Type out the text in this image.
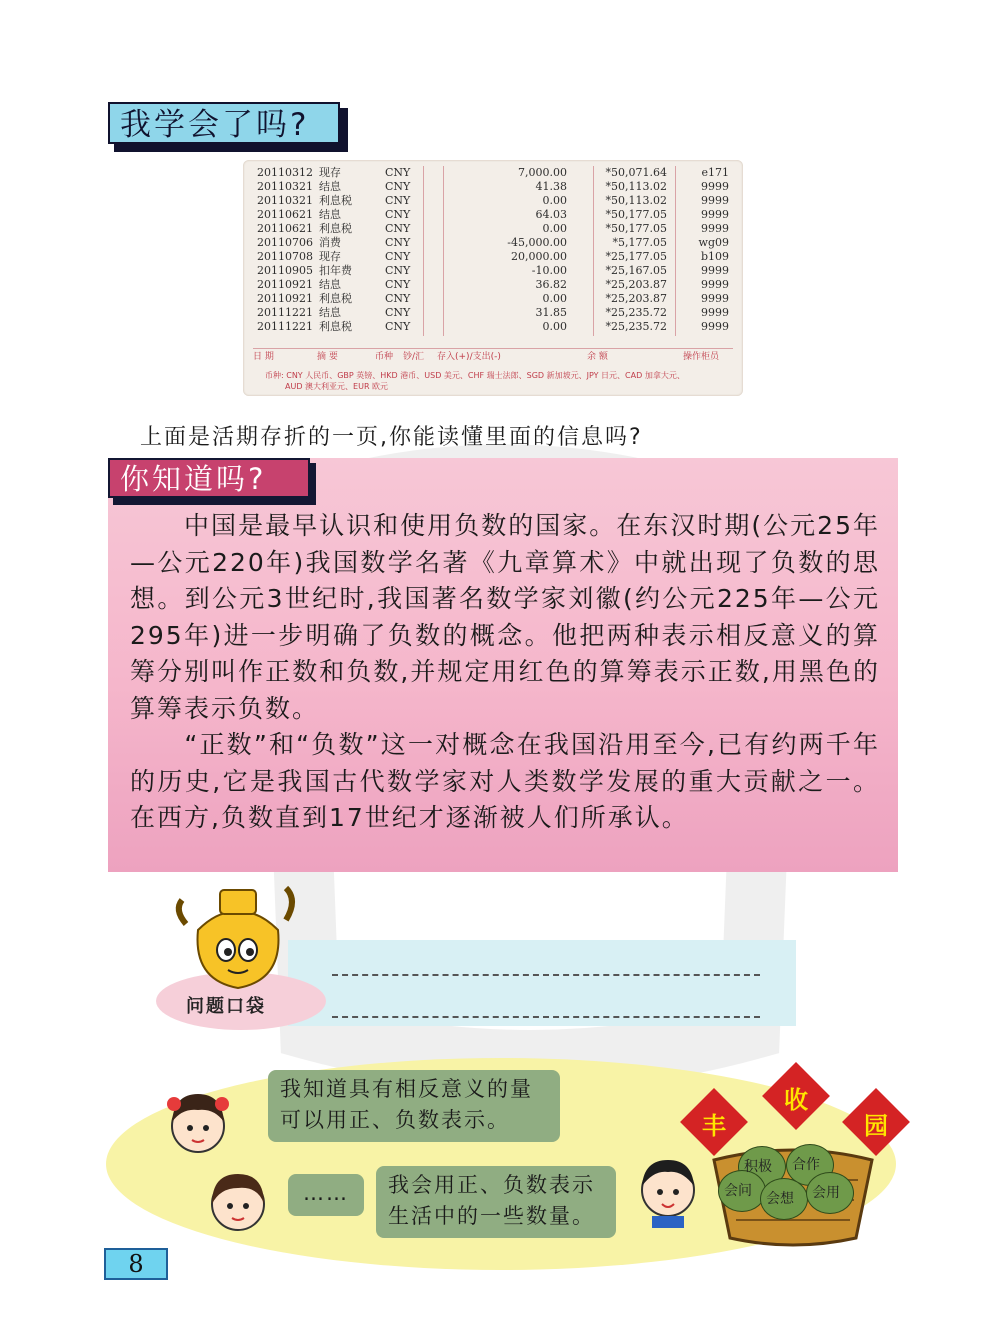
我学会了吗?
20110312 现存	CNY	7,000.00	*50,071.64	e171
20110321 结息	CNY	41.38	*50,113.02	9999
20110321 利息税	CNY	0.00	*50,113.02	9999
20110621 结息	CNY	64.03	*50,177.05	9999
20110621 利息税	CNY	0.00	*50,177.05	9999
20110706 消费	CNY	-45,000.00	*5,177.05	wg09
20110708 现存	CNY	20,000.00	*25,177.05	b109
20110905 扣年费	CNY	-10.00	*25,167.05	9999
20110921 结息	CNY	36.82	*25,203.87	9999
20110921 利息税	CNY	0.00	*25,203.87	9999
20111221 结息	CNY	31.85	*25,235.72	9999
20111221 利息税	CNY	0.00	*25,235.72	9999
日 期	摘 要	币种	钞/汇	存入(+)/支出(-)	余 额	操作柜员
币种: CNY 人民币、GBP 英镑、HKD 港币、USD 美元、CHF 瑞士法郎、SGD 新加坡元、JPY 日元、CAD 加拿大元、
AUD 澳大利亚元、EUR 欧元
上面是活期存折的一页,你能读懂里面的信息吗?
你知道吗?
　　中国是最早认识和使用负数的国家。在东汉时期(公元25年—公元220年)我国数学名著《九章算术》中就出现了负数的思想。到公元3世纪时,我国著名数学家刘徽(约公元225年—公元295年)进一步明确了负数的概念。他把两种表示相反意义的算筹分别叫作正数和负数,并规定用红色的算筹表示正数,用黑色的算筹表示负数。
　　“正数”和“负数”这一对概念在我国沿用至今,已有约两千年的历史,它是我国古代数学家对人类数学发展的重大贡献之一。在西方,负数直到17世纪才逐渐被人们所承认。
问题口袋
我知道具有相反意义的量可以用正、负数表示。
……	我会用正、负数表示生活中的一些数量。
丰
收
园
积极 合作
会问 会想 会用
8
